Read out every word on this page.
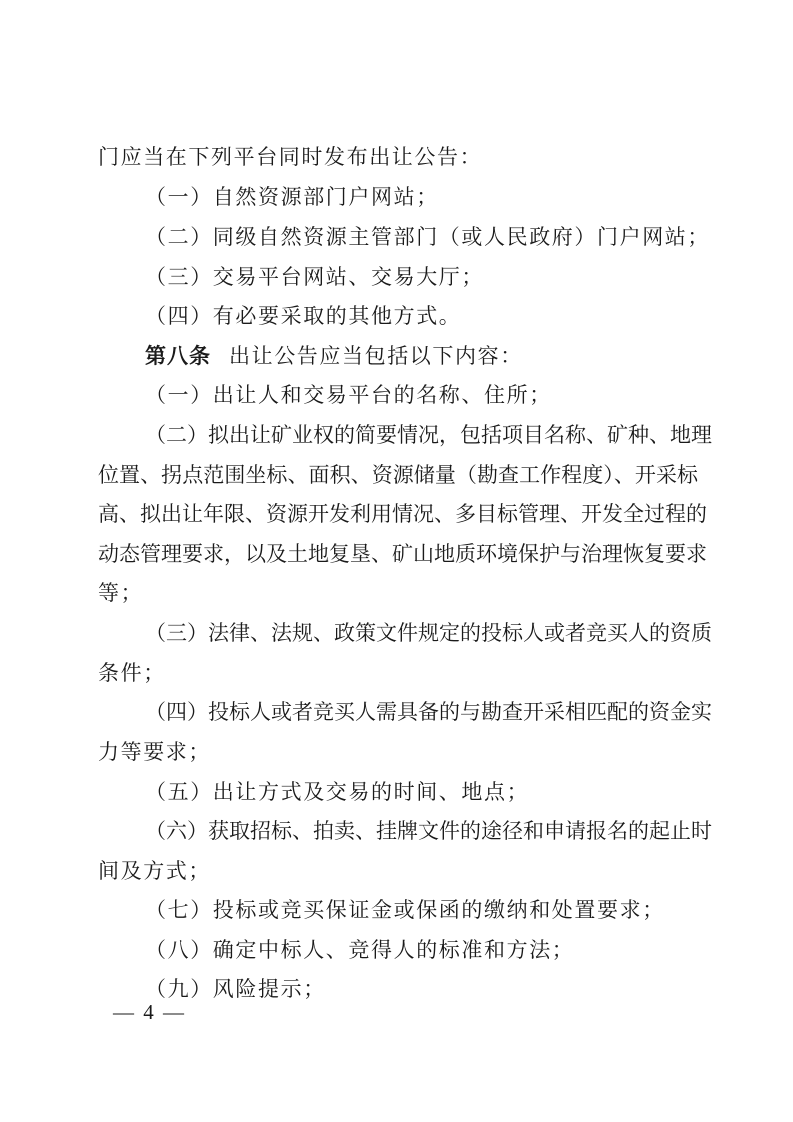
门应当在下列平台同时发布出让公告：
（一）自然资源部门户网站；
（二）同级自然资源主管部门（或人民政府）门户网站；
（三）交易平台网站、交易大厅；
（四）有必要采取的其他方式。
第八条 出让公告应当包括以下内容：
（一）出让人和交易平台的名称、住所；
（二）拟出让矿业权的简要情况，包括项目名称、矿种、地理
位置、拐点范围坐标、面积、资源储量（勘查工作程度）、开采标
高、拟出让年限、资源开发利用情况、多目标管理、开发全过程的
动态管理要求，以及土地复垦、矿山地质环境保护与治理恢复要求
等；
（三）法律、法规、政策文件规定的投标人或者竞买人的资质
条件；
（四）投标人或者竞买人需具备的与勘查开采相匹配的资金实
力等要求；
（五）出让方式及交易的时间、地点；
（六）获取招标、拍卖、挂牌文件的途径和申请报名的起止时
间及方式；
（七）投标或竞买保证金或保函的缴纳和处置要求；
（八）确定中标人、竞得人的标准和方法；
（九）风险提示；
— 4 —
